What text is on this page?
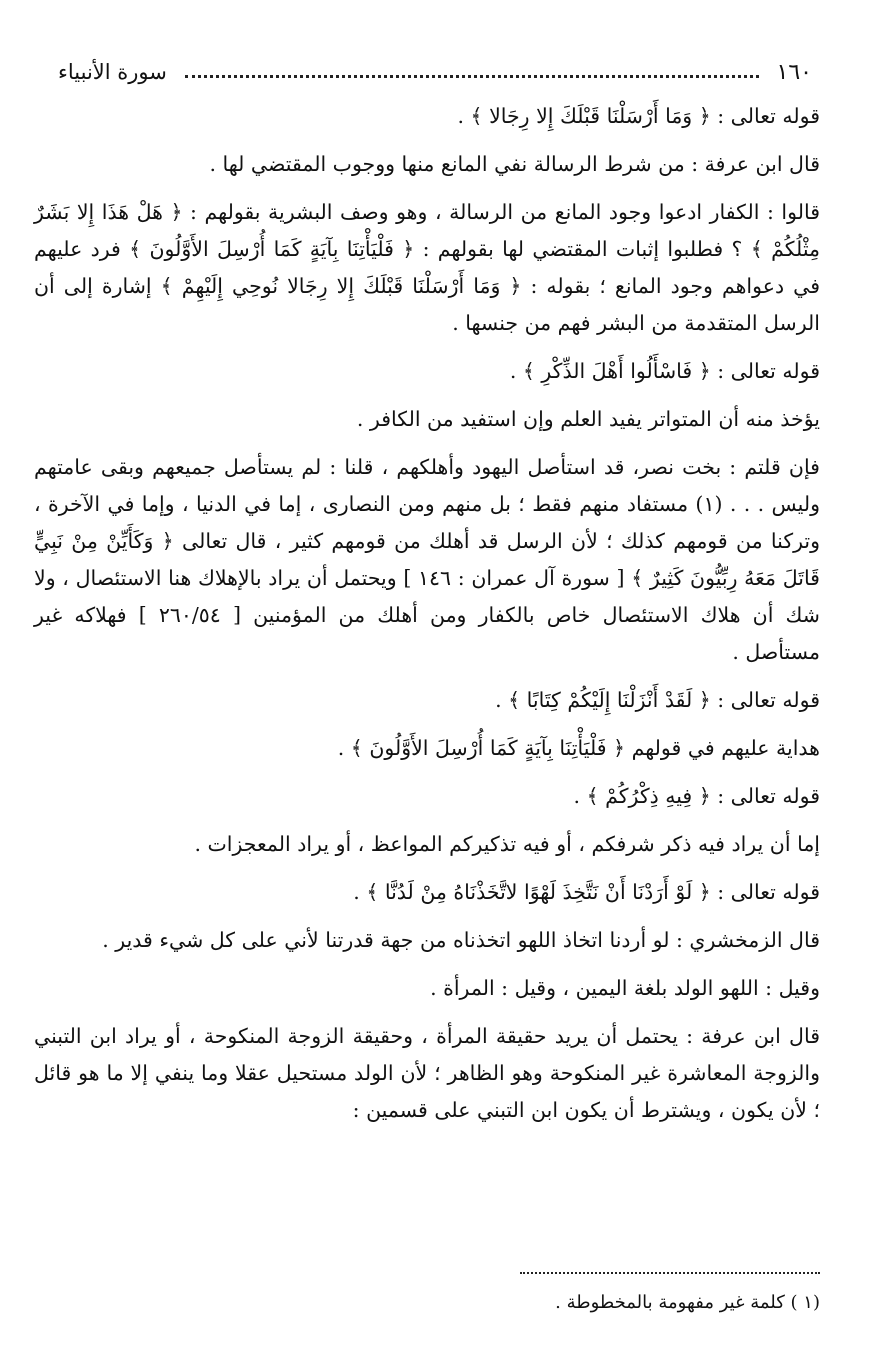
١٦٠
سورة الأنبياء

قوله تعالى : ﴿ وَمَا أَرْسَلْنَا قَبْلَكَ إِلا رِجَالا ﴾ .

قال ابن عرفة : من شرط الرسالة نفي المانع منها ووجوب المقتضي لها .

قالوا : الكفار ادعوا وجود المانع من الرسالة ، وهو وصف البشرية بقولهم : ﴿ هَلْ هَذَا إِلا بَشَرٌ مِثْلُكُمْ ﴾ ؟ فطلبوا إثبات المقتضي لها بقولهم : ﴿ فَلْيَأْتِنَا بِآيَةٍ كَمَا أُرْسِلَ الأَوَّلُونَ ﴾ فرد عليهم في دعواهم وجود المانع ؛ بقوله : ﴿ وَمَا أَرْسَلْنَا قَبْلَكَ إِلا رِجَالا نُوحِي إِلَيْهِمْ ﴾ إشارة إلى أن الرسل المتقدمة من البشر فهم من جنسها .

قوله تعالى : ﴿ فَاسْأَلُوا أَهْلَ الذِّكْرِ ﴾ .

يؤخذ منه أن المتواتر يفيد العلم وإن استفيد من الكافر .

فإن قلتم : بخت نصر، قد استأصل اليهود وأهلكهم ، قلنا : لم يستأصل جميعهم وبقى عامتهم وليس . . . (١) مستفاد منهم فقط ؛ بل منهم ومن النصارى ، إما في الدنيا ، وإما في الآخرة ، وتركنا من قومهم كذلك ؛ لأن الرسل قد أهلك من قومهم كثير ، قال تعالى ﴿ وَكَأَيِّنْ مِنْ نَبِيٍّ قَاتَلَ مَعَهُ رِبِّيُّونَ كَثِيرٌ ﴾ [ سورة آل عمران : ١٤٦ ] ويحتمل أن يراد بالإهلاك هنا الاستئصال ، ولا شك أن هلاك الاستئصال خاص بالكفار ومن أهلك من المؤمنين [ ٢٦٠/٥٤ ] فهلاكه غير مستأصل .

قوله تعالى : ﴿ لَقَدْ أَنْزَلْنَا إِلَيْكُمْ كِتَابًا ﴾ .

هداية عليهم في قولهم ﴿ فَلْيَأْتِنَا بِآيَةٍ كَمَا أُرْسِلَ الأَوَّلُونَ ﴾ .

قوله تعالى : ﴿ فِيهِ ذِكْرُكُمْ ﴾ .

إما أن يراد فيه ذكر شرفكم ، أو فيه تذكيركم المواعظ ، أو يراد المعجزات .

قوله تعالى : ﴿ لَوْ أَرَدْنَا أَنْ نَتَّخِذَ لَهْوًا لاتَّخَذْنَاهُ مِنْ لَدُنَّا ﴾ .

قال الزمخشري : لو أردنا اتخاذ اللهو اتخذناه من جهة قدرتنا لأني على كل شيء قدير .

وقيل : اللهو الولد بلغة اليمين ، وقيل : المرأة .

قال ابن عرفة : يحتمل أن يريد حقيقة المرأة ، وحقيقة الزوجة المنكوحة ، أو يراد ابن التبني والزوجة المعاشرة غير المنكوحة وهو الظاهر ؛ لأن الولد مستحيل عقلا وما ينفي إلا ما هو قائل ؛ لأن يكون ، ويشترط أن يكون ابن التبني على قسمين :

(١ ) كلمة غير مفهومة بالمخطوطة .
